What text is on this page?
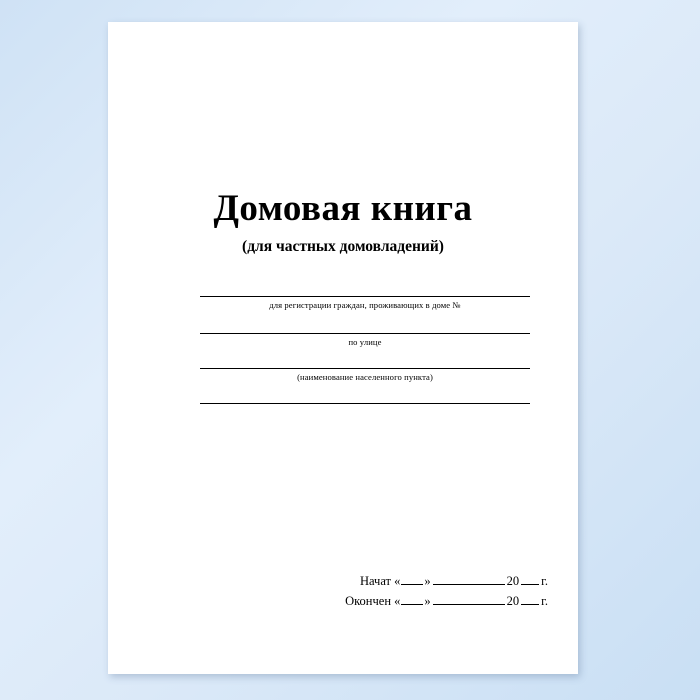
Домовая книга
(для частных домовладений)
для регистрации граждан, проживающих в доме №
по улице
(наименование населенного пункта)
Начат « »	20 г.
Окончен « »	20 г.
